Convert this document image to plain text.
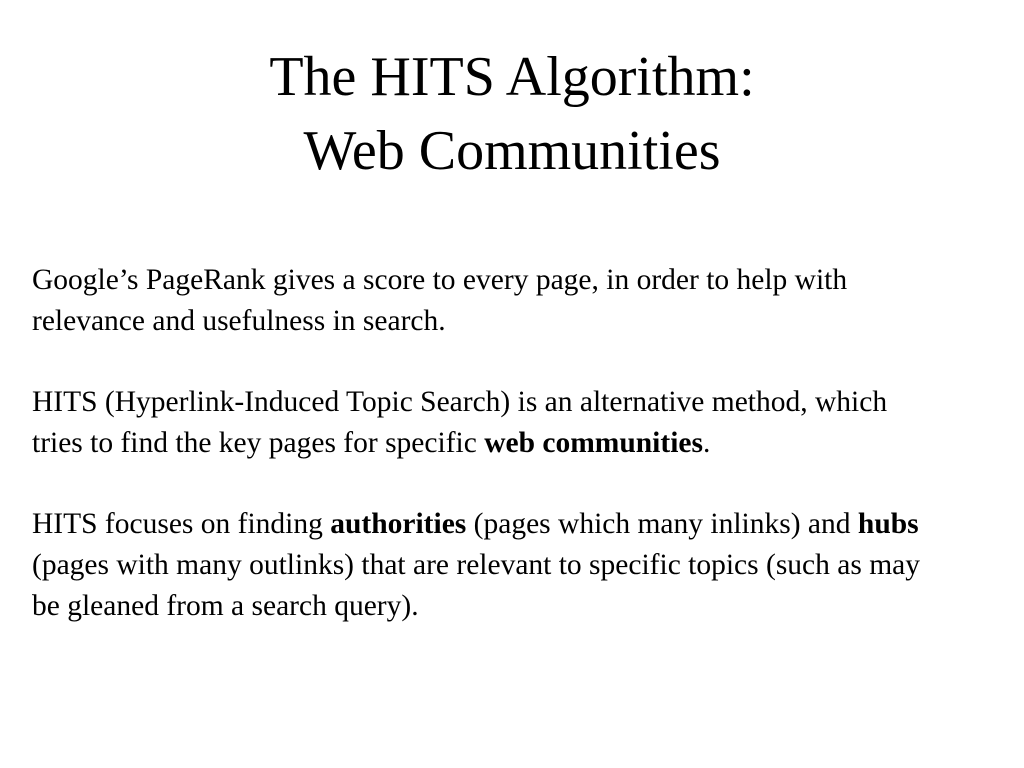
The HITS Algorithm:
Web Communities

Google’s PageRank gives a score to every page, in order to help with relevance and usefulness in search.

HITS (Hyperlink-Induced Topic Search) is an alternative method, which tries to find the key pages for specific web communities.

HITS focuses on finding authorities (pages which many inlinks) and hubs (pages with many outlinks) that are relevant to specific topics (such as may be gleaned from a search query).
